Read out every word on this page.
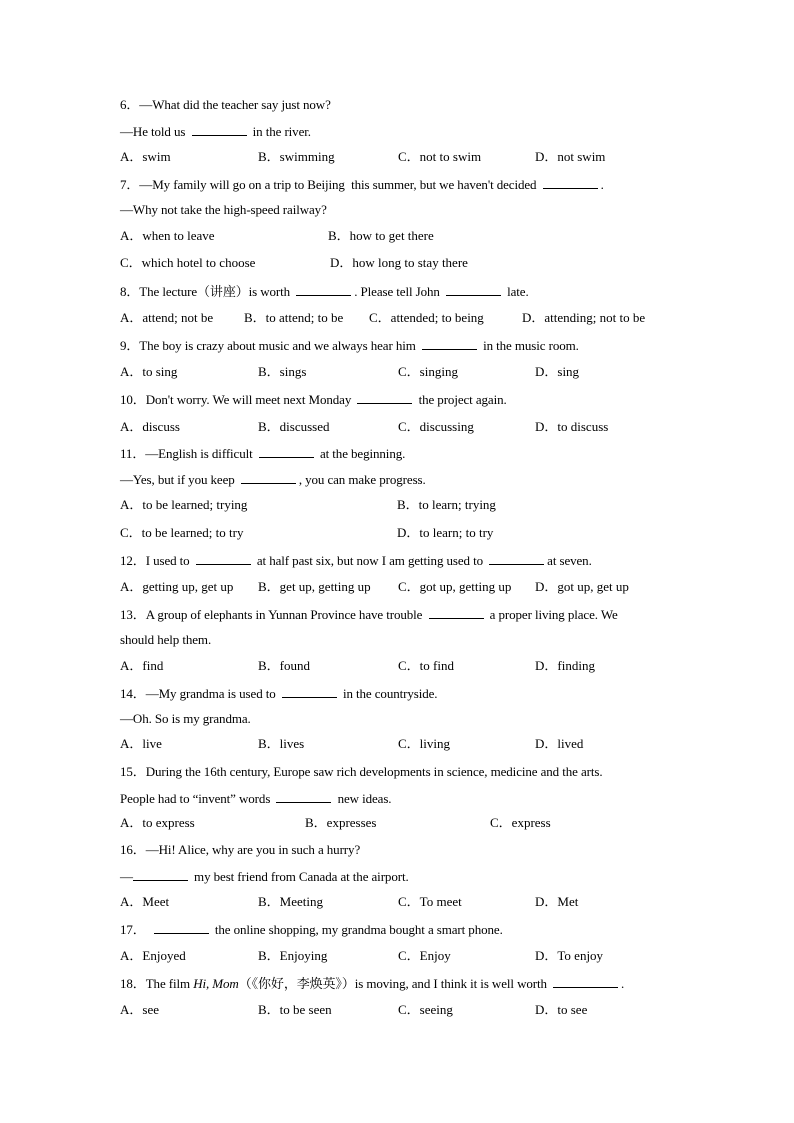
6．—What did the teacher say just now?
—He told us	in the river.
A．swim	B．swimming	C．not to swim	D．not swim
7．—My family will go on a trip to Beijing  this summer, but we haven't decided	.
—Why not take the high-speed railway?
A．when to leave	B．how to get there
C．which hotel to choose	D．how long to stay there
8．The lecture（讲座）is worth	. Please tell John	late.
A．attend; not be B．to attend; to be C．attended; to being	D．attending; not to be
9．The boy is crazy about music and we always hear him	in the music room.
A．to sing	B．sings	C．singing	D．sing
10．Don't worry. We will meet next Monday	the project again.
A．discuss	B．discussed	C．discussing	D．to discuss
11．—English is difficult	at the beginning.
—Yes, but if you keep	, you can make progress.
A．to be learned; trying	B．to learn; trying
C．to be learned; to try	D．to learn; to try
12．I used to	at half past six, but now I am getting used to	at seven.
A．getting up, get up B．get up, getting up C．got up, getting up D．got up, get up
13．A group of elephants in Yunnan Province have trouble	a proper living place. We
should help them.
A．find	B．found	C．to find	D．finding
14．—My grandma is used to	in the countryside.
—Oh. So is my grandma.
A．live	B．lives	C．living	D．lived
15．During the 16th century, Europe saw rich developments in science, medicine and the arts.
People had to “invent” words	new ideas.
A．to express	B．expresses	C．express
16．—Hi! Alice, why are you in such a hurry?
—	my best friend from Canada at the airport.
A．Meet	B．Meeting	C．To meet	D．Met
17．	the online shopping, my grandma bought a smart phone.
A．Enjoyed	B．Enjoying	C．Enjoy	D．To enjoy
18．The film Hi, Mom（《你好，李焕英》）is moving, and I think it is well worth	.
A．see	B．to be seen	C．seeing	D．to see
